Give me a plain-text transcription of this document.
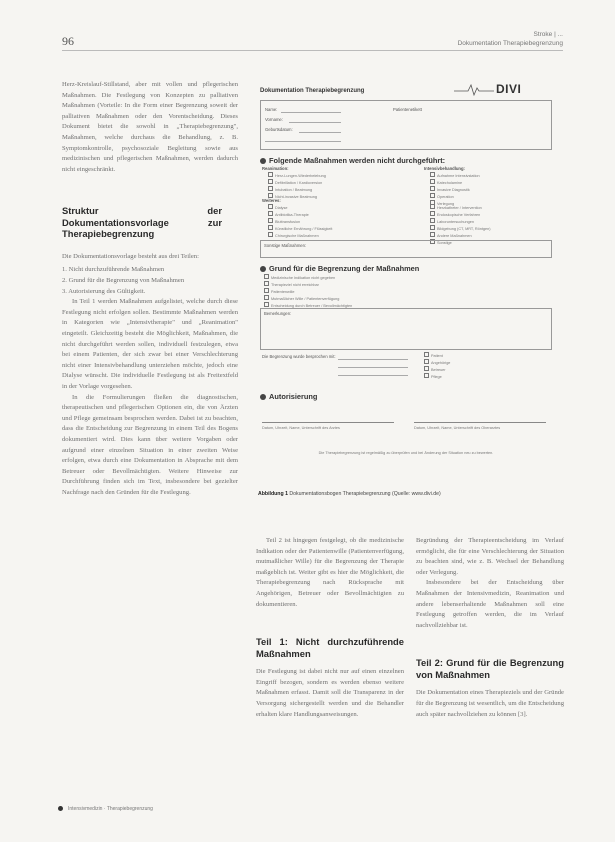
96	Stroke | ...
Dokumentation Therapiebegrenzung

Herz-Kreislauf-Stillstand, aber mit vollen und pflegerischen Maßnahmen. Die Festlegung von Konzepten zu palliativen Maßnahmen (Vorteile: In die Form einer Begrenzung soweit der palliativen Maßnahmen oder den Vorentscheidung. Dieses Dokument bietet die sowohl in „Therapiebegrenzung", Maßnahmen, welche durchaus die Behandlung, z. B. Symptomkontrolle, psychosoziale Begleitung sowie aus medizinischen und pflegerischen Maßnahmen, werden dadurch nicht eingeschränkt.

Struktur der Dokumentationsvorlage zur Therapiebegrenzung

Die Dokumentationsvorlage besteht aus drei Teilen:

1. Nicht durchzuführende Maßnahmen
2. Grund für die Begrenzung von Maßnahmen
3. Autorisierung des Gültigkeit.

In Teil 1 werden Maßnahmen aufgelistet, welche durch diese Festlegung nicht erfolgen sollen. Bestimmte Maßnahmen werden in Kategorien wie „Intensivtherapie" und „Reanimation" eingeteilt. Gleichzeitig besteht die Möglichkeit, Maßnahmen, die nicht durchgeführt werden sollen, individuell festzulegen, etwa bei einem Patienten, der sich zwar bei einer Verschlechterung nicht einer Intensivbehandlung unterziehen möchte, jedoch eine Dialyse wünscht. Die individuelle Festlegung ist als Freitextfeld in der Vorlage vorgesehen.

In die Formulierungen fließen die diagnostischen, therapeutischen und pflegerischen Optionen ein, die von Ärzten und Pflege gemeinsam besprochen werden. Dabei ist zu beachten, dass die Entscheidung zur Begrenzung in einem Teil des Bogens dokumentiert wird. Dies kann über weitere Vorgaben oder aufgrund einer einzelnen Situation in einer zweiten Weise erfolgen, etwa durch eine Dokumentation in Absprache mit dem Betreuer oder Bevollmächtigten. Weitere Hinweise zur Durchführung finden sich im Text, insbesondere bei gezielter Nachfrage nach den Gründen für die Festlegung.

Dokumentation Therapiebegrenzung	DIVI
Name:
Vorname:
Geburtsdatum:
Patientenetikett
Folgende Maßnahmen werden nicht durchgeführt:
Reanimation:	Intensivbehandlung:
Herz-Lungen-Wiederbelebung
Defibrillation / Kardioversion
Intubation / Beatmung
Nicht-invasive Beatmung
Weiteres:
Dialyse
Antibiotika-Therapie
Bluttransfusion
Künstliche Ernährung / Flüssigkeit
Chirurgische Maßnahmen
Aufnahme Intensivstation
Katecholamine
Invasive Diagnostik
Operation
Verlegung
Herzkatheter / Intervention
Endoskopische Verfahren
Laboruntersuchungen
Bildgebung (CT, MRT, Röntgen)
Andere Maßnahmen
Sonstige
Sonstige Maßnahmen:
Grund für die Begrenzung der Maßnahmen
Medizinische Indikation nicht gegeben
Therapieziel nicht erreichbar
Patientenwille
Mutmaßlicher Wille / Patientenverfügung
Entscheidung durch Betreuer / Bevollmächtigten
Bemerkungen:
Die Begrenzung wurde besprochen mit:	Patient
Angehörige
Betreuer
Pflege
Autorisierung
Datum, Uhrzeit, Name, Unterschrift des Arztes	Datum, Uhrzeit, Name, Unterschrift des Oberarztes
Die Therapiebegrenzung ist regelmäßig zu überprüfen und bei Änderung der Situation neu zu bewerten.
Abbildung 1 Dokumentationsbogen Therapiebegrenzung (Quelle: www.divi.de)

Teil 2 ist hingegen festgelegt, ob die medizinische Indikation oder der Patientenwille (Patientenverfügung, mutmaßlicher Wille) für die Begrenzung der Therapie maßgeblich ist. Weiter gibt es hier die Möglichkeit, die Therapiebegrenzung nach Rücksprache mit Angehörigen, Betreuer oder Bevollmächtigten zu dokumentieren.

Teil 1: Nicht durchzuführende Maßnahmen

Die Festlegung ist dabei nicht nur auf einen einzelnen Eingriff bezogen, sondern es werden ebenso weitere Maßnahmen erfasst. Damit soll die Transparenz in der Versorgung sichergestellt werden und die Behandler erhalten klare Handlungsanweisungen.

Begründung der Therapieentscheidung im Verlauf ermöglicht, die für eine Verschlechterung der Situation zu beachten sind, wie z. B. Wechsel der Behandlung oder Verlegung.

Insbesondere bei der Entscheidung über Maßnahmen der Intensivmedizin, Reanimation und andere lebenserhaltende Maßnahmen soll eine Festlegung getroffen werden, die im Verlauf nachvollziehbar ist.

Teil 2: Grund für die Begrenzung von Maßnahmen

Die Dokumentation eines Therapieziels und der Gründe für die Begrenzung ist wesentlich, um die Entscheidung auch später nachvollziehen zu können [3].

Intensivmedizin · Therapiebegrenzung
